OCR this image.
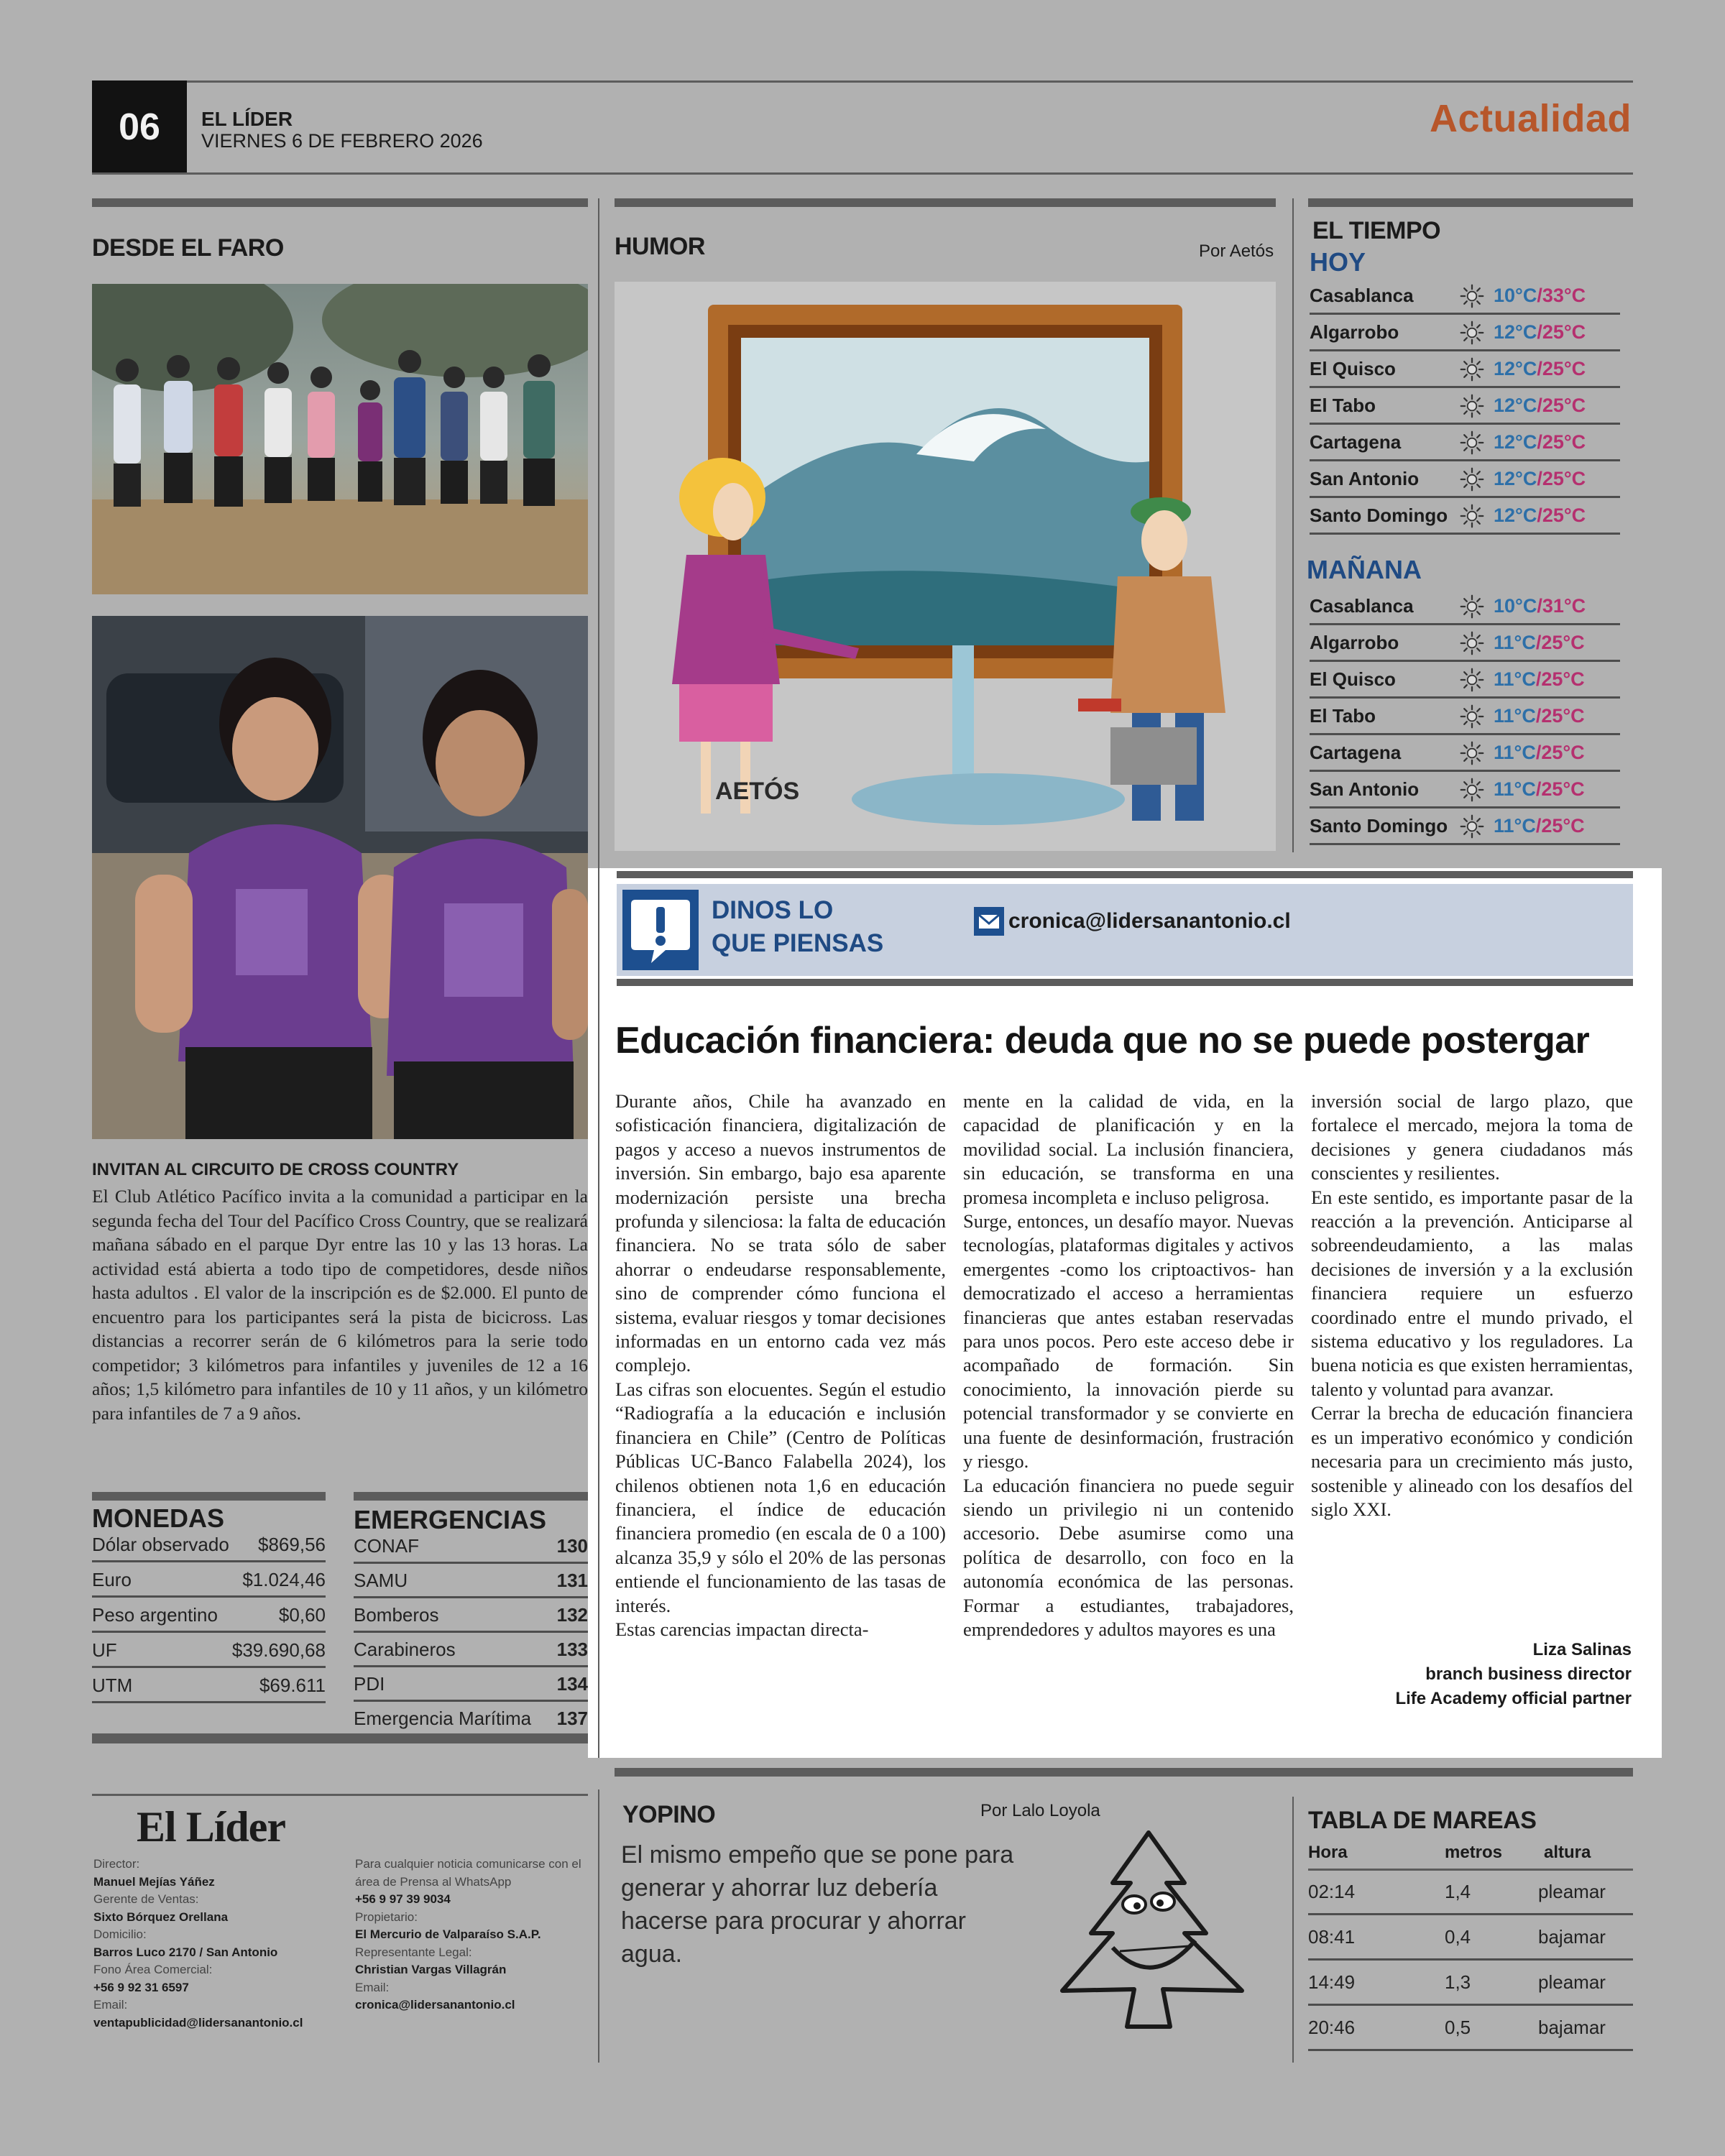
06	EL LÍDER
VIERNES 6 DE FEBRERO 2026
Actualidad
DESDE EL FARO
INVITAN AL CIRCUITO DE CROSS COUNTRY
El Club Atlético Pacífico invita a la comunidad a participar en la segunda fecha del Tour del Pacífico Cross Country, que se realizará mañana sábado en el parque Dyr entre las 10 y las 13 horas. La actividad está abierta a todo tipo de competidores, desde niños hasta adultos . El valor de la inscripción es de $2.000. El punto de encuentro para los participantes será la pista de bicicross. Las distancias a recorrer serán de 6 kilómetros para la serie todo competidor; 3 kilómetros para infantiles y juveniles de 12 a 16 años; 1,5 kilómetro para infantiles de 10 y 11 años, y un kilómetro para infantiles de 7 a 9 años.
MONEDAS
Dólar observado $869,56
Euro	$1.024,46
Peso argentino	$0,60
UF	$39.690,68
UTM	$69.611
EMERGENCIAS
CONAF	130
SAMU	131
Bomberos	132
Carabineros	133
PDI	134
Emergencia Marítima 137
HUMOR	Por Aetós
AETÓS
EL TIEMPO
HOY
Casablanca	10°C/33°C
Algarrobo	12°C/25°C
El Quisco	12°C/25°C
El Tabo	12°C/25°C
Cartagena	12°C/25°C
San Antonio	12°C/25°C
Santo Domingo 12°C/25°C
MAÑANA
Casablanca	10°C/31°C
Algarrobo	11°C/25°C
El Quisco	11°C/25°C
El Tabo	11°C/25°C
Cartagena	11°C/25°C
San Antonio	11°C/25°C
Santo Domingo 11°C/25°C
DINOS LO
QUE PIENSAS
cronica@lidersanantonio.cl
Educación financiera: deuda que no se puede postergar

Durante años, Chile ha avanzado en sofisticación financiera, digitalización de pagos y acceso a nuevos instrumentos de inversión. Sin embargo, bajo esa aparente modernización persiste una brecha profunda y silenciosa: la falta de educación financiera. No se trata sólo de saber ahorrar o endeudarse responsablemente, sino de comprender cómo funciona el sistema, evaluar riesgos y tomar decisiones informadas en un entorno cada vez más complejo.

Las cifras son elocuentes. Según el estudio “Radiografía a la educación e inclusión financiera en Chile” (Centro de Políticas Públicas UC-Banco Falabella 2024), los chilenos obtienen nota 1,6 en educación financiera, el índice de educación financiera promedio (en escala de 0 a 100) alcanza 35,9 y sólo el 20% de las personas entiende el funcionamiento de las tasas de interés.

Estas carencias impactan directa-

mente en la calidad de vida, en la capacidad de planificación y en la movilidad social. La inclusión financiera, sin educación, se transforma en una promesa incompleta e incluso peligrosa.

Surge, entonces, un desafío mayor. Nuevas tecnologías, plataformas digitales y activos emergentes -como los criptoactivos- han democratizado el acceso a herramientas financieras que antes estaban reservadas para unos pocos. Pero este acceso debe ir acompañado de formación. Sin conocimiento, la innovación pierde su potencial transformador y se convierte en una fuente de desinformación, frustración y riesgo.

La educación financiera no puede seguir siendo un privilegio ni un contenido accesorio. Debe asumirse como una política de desarrollo, con foco en la autonomía económica de las personas. Formar a estudiantes, trabajadores, emprendedores y adultos mayores es una

inversión social de largo plazo, que fortalece el mercado, mejora la toma de decisiones y genera ciudadanos más conscientes y resilientes.

En este sentido, es importante pasar de la reacción a la prevención. Anticiparse al sobreendeudamiento, a las malas decisiones de inversión y a la exclusión financiera requiere un esfuerzo coordinado entre el mundo privado, el sistema educativo y los reguladores. La buena noticia es que existen herramientas, talento y voluntad para avanzar.

Cerrar la brecha de educación financiera es un imperativo económico y condición necesaria para un crecimiento más justo, sostenible y alineado con los desafíos del siglo XXI.

Liza Salinas
branch business director
Life Academy official partner
El Líder
Director:
Manuel Mejías Yáñez
Gerente de Ventas:
Sixto Bórquez Orellana
Domicilio:
Barros Luco 2170 / San Antonio
Fono Área Comercial:
+56 9 92 31 6597
Email:
ventapublicidad@lidersanantonio.cl
Para cualquier noticia comunicarse con el área de Prensa al WhatsApp
+56 9 97 39 9034
Propietario:
El Mercurio de Valparaíso S.A.P.
Representante Legal:
Christian Vargas Villagrán
Email:
cronica@lidersanantonio.cl
YOPINO	Por Lalo Loyola
El mismo empeño que se pone para generar y ahorrar luz debería hacerse para procurar y ahorrar agua.
TABLA DE MAREAS
Hora	metros altura
02:14	1,4	pleamar
08:41	0,4	bajamar
14:49	1,3	pleamar
20:46	0,5	bajamar
